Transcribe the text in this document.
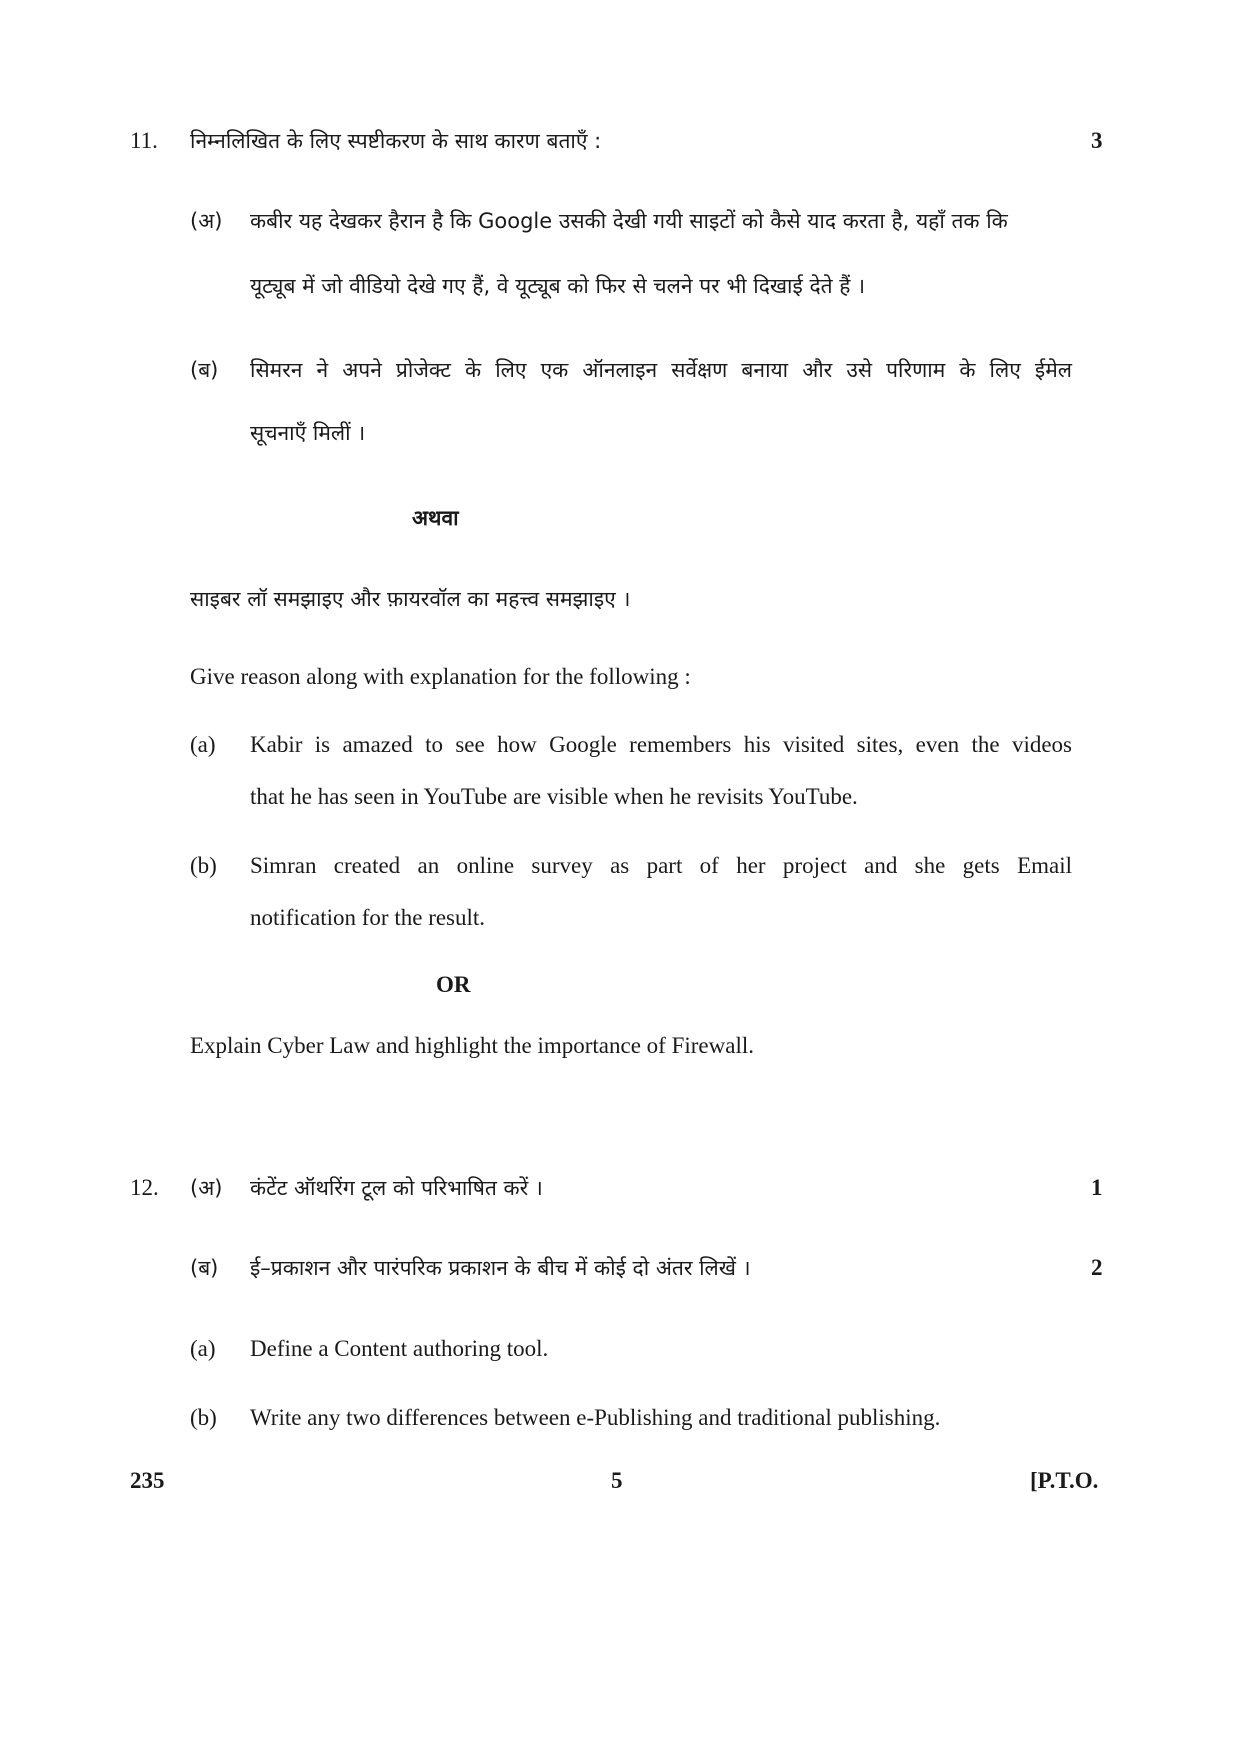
11. निम्नलिखित के लिए स्पष्टीकरण के साथ कारण बताएँ :	3
(अ) कबीर यह देखकर हैरान है कि Google उसकी देखी गयी साइटों को कैसे याद करता है, यहाँ तक कि
यूट्यूब में जो वीडियो देखे गए हैं, वे यूट्यूब को फिर से चलने पर भी दिखाई देते हैं ।
(ब) सिमरन ने अपने प्रोजेक्ट के लिए एक ऑनलाइन सर्वेक्षण बनाया और उसे परिणाम के लिए ईमेल
सूचनाएँ मिलीं ।
अथवा
साइबर लॉ समझाइए और फ़ायरवॉल का महत्त्व समझाइए ।
Give reason along with explanation for the following :
(a) Kabir is amazed to see how Google remembers his visited sites, even the videos
that he has seen in YouTube are visible when he revisits YouTube.
(b) Simran created an online survey as part of her project and she gets Email
notification for the result.
OR
Explain Cyber Law and highlight the importance of Firewall.
12. (अ) कंटेंट ऑथरिंग टूल को परिभाषित करें ।	1
(ब) ई–प्रकाशन और पारंपरिक प्रकाशन के बीच में कोई दो अंतर लिखें ।	2
(a) Define a Content authoring tool.
(b) Write any two differences between e-Publishing and traditional publishing.
235	5	[P.T.O.
